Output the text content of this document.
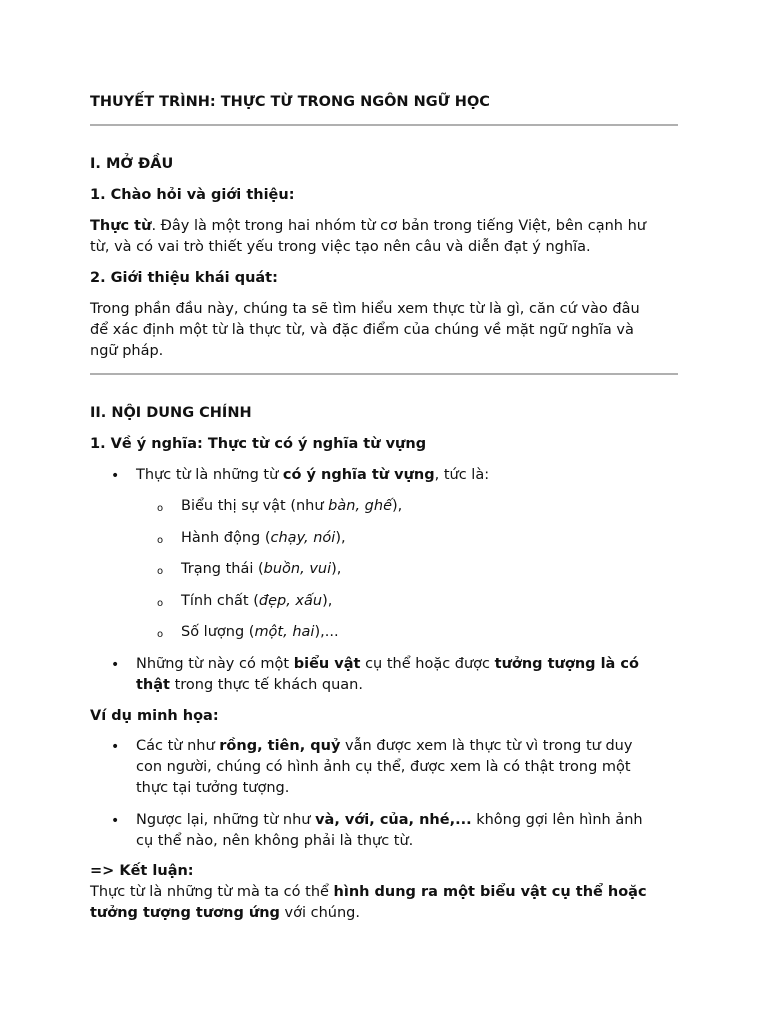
THUYẾT TRÌNH: THỰC TỪ TRONG NGÔN NGỮ HỌC
I. MỞ ĐẦU
1. Chào hỏi và giới thiệu:
Thực từ. Đây là một trong hai nhóm từ cơ bản trong tiếng Việt, bên cạnh hư
từ, và có vai trò thiết yếu trong việc tạo nên câu và diễn đạt ý nghĩa.
2. Giới thiệu khái quát:
Trong phần đầu này, chúng ta sẽ tìm hiểu xem thực từ là gì, căn cứ vào đâu
để xác định một từ là thực từ, và đặc điểm của chúng về mặt ngữ nghĩa và
ngữ pháp.
II. NỘI DUNG CHÍNH
1. Về ý nghĩa: Thực từ có ý nghĩa từ vựng
• Thực từ là những từ có ý nghĩa từ vựng, tức là:
o Biểu thị sự vật (như bàn, ghế),
o Hành động (chạy, nói),
o Trạng thái (buồn, vui),
o Tính chất (đẹp, xấu),
o Số lượng (một, hai),...
• Những từ này có một biểu vật cụ thể hoặc được tưởng tượng là có
thật trong thực tế khách quan.
Ví dụ minh họa:
• Các từ như rồng, tiên, quỷ vẫn được xem là thực từ vì trong tư duy
con người, chúng có hình ảnh cụ thể, được xem là có thật trong một
thực tại tưởng tượng.
• Ngược lại, những từ như và, với, của, nhé,... không gợi lên hình ảnh
cụ thể nào, nên không phải là thực từ.
=> Kết luận:
Thực từ là những từ mà ta có thể hình dung ra một biểu vật cụ thể hoặc
tưởng tượng tương ứng với chúng.
